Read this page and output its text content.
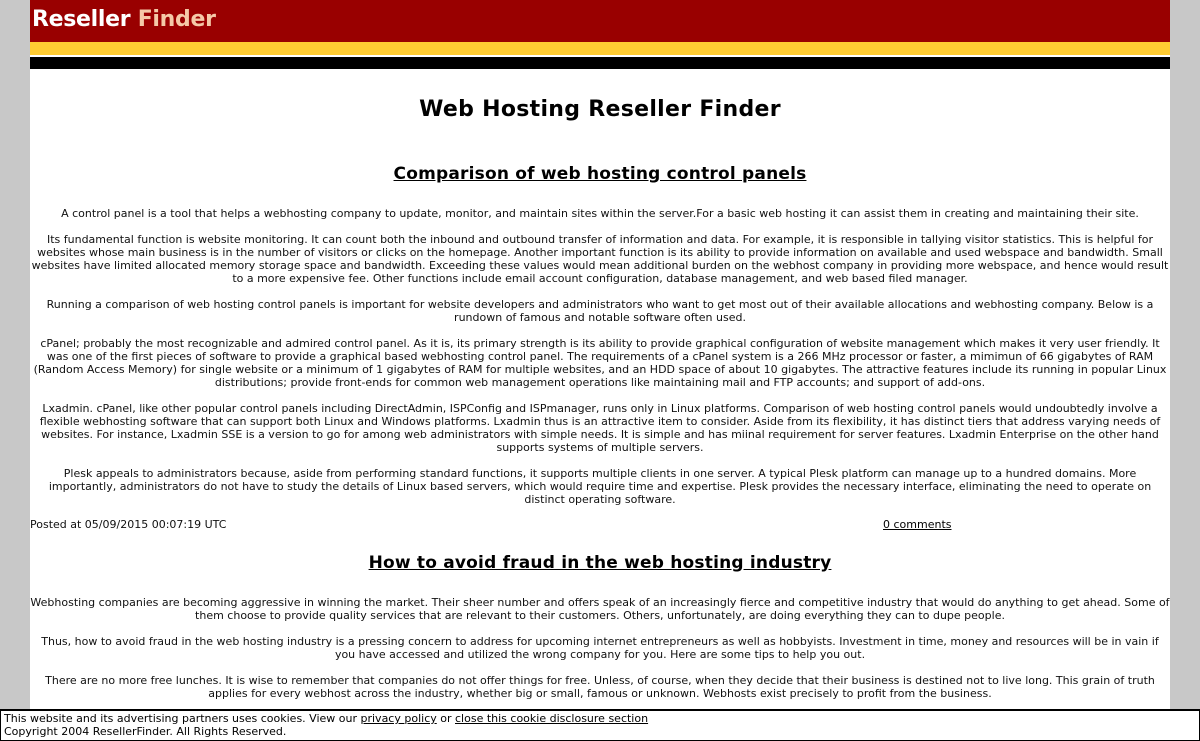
Reseller Finder
Web Hosting Reseller Finder
Comparison of web hosting control panels

A control panel is a tool that helps a webhosting company to update, monitor, and maintain sites within the server.For a basic web hosting it can assist them in creating and maintaining their site.

Its fundamental function is website monitoring. It can count both the inbound and outbound transfer of information and data. For example, it is responsible in tallying visitor statistics. This is helpful for websites whose main business is in the number of visitors or clicks on the homepage. Another important function is its ability to provide information on available and used webspace and bandwidth. Small websites have limited allocated memory storage space and bandwidth. Exceeding these values would mean additional burden on the webhost company in providing more webspace, and hence would result to a more expensive fee. Other functions include email account configuration, database management, and web based filed manager.

Running a comparison of web hosting control panels is important for website developers and administrators who want to get most out of their available allocations and webhosting company. Below is a rundown of famous and notable software often used.

cPanel; probably the most recognizable and admired control panel. As it is, its primary strength is its ability to provide graphical configuration of website management which makes it very user friendly. It was one of the first pieces of software to provide a graphical based webhosting control panel. The requirements of a cPanel system is a 266 MHz processor or faster, a mimimun of 66 gigabytes of RAM (Random Access Memory) for single website or a minimum of 1 gigabytes of RAM for multiple websites, and an HDD space of about 10 gigabytes. The attractive features include its running in popular Linux distributions; provide front-ends for common web management operations like maintaining mail and FTP accounts; and support of add-ons.

Lxadmin. cPanel, like other popular control panels including DirectAdmin, ISPConfig and ISPmanager, runs only in Linux platforms. Comparison of web hosting control panels would undoubtedly involve a flexible webhosting software that can support both Linux and Windows platforms. Lxadmin thus is an attractive item to consider. Aside from its flexibility, it has distinct tiers that address varying needs of websites. For instance, Lxadmin SSE is a version to go for among web administrators with simple needs. It is simple and has miinal requirement for server features. Lxadmin Enterprise on the other hand supports systems of multiple servers.

Plesk appeals to administrators because, aside from performing standard functions, it supports multiple clients in one server. A typical Plesk platform can manage up to a hundred domains. More importantly, administrators do not have to study the details of Linux based servers, which would require time and expertise. Plesk provides the necessary interface, eliminating the need to operate on distinct operating software.

Posted at 05/09/2015 00:07:19 UTC	0 comments
How to avoid fraud in the web hosting industry

Webhosting companies are becoming aggressive in winning the market. Their sheer number and offers speak of an increasingly fierce and competitive industry that would do anything to get ahead. Some of them choose to provide quality services that are relevant to their customers. Others, unfortunately, are doing everything they can to dupe people.

Thus, how to avoid fraud in the web hosting industry is a pressing concern to address for upcoming internet entrepreneurs as well as hobbyists. Investment in time, money and resources will be in vain if you have accessed and utilized the wrong company for you. Here are some tips to help you out.

There are no more free lunches. It is wise to remember that companies do not offer things for free. Unless, of course, when they decide that their business is destined not to live long. This grain of truth applies for every webhost across the industry, whether big or small, famous or unknown. Webhosts exist precisely to profit from the business.

This website and its advertising partners uses cookies. View our privacy policy or close this cookie disclosure section
Copyright 2004 ResellerFinder. All Rights Reserved.
